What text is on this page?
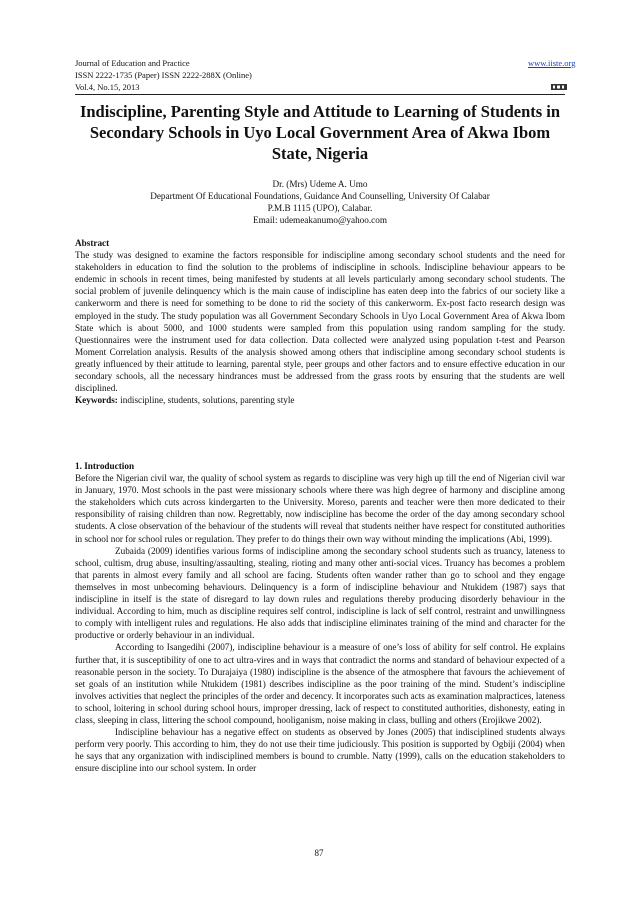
Journal of Education and Practice
ISSN 2222-1735 (Paper) ISSN 2222-288X (Online)
Vol.4, No.15, 2013
www.iiste.org
Indiscipline, Parenting Style and Attitude to Learning of Students in Secondary Schools in Uyo Local Government Area of Akwa Ibom State, Nigeria
Dr. (Mrs) Udeme A. Umo
Department Of Educational Foundations, Guidance And Counselling, University Of Calabar
P.M.B 1115 (UPO), Calabar.
Email: udemeakanumo@yahoo.com

Abstract

The study was designed to examine the factors responsible for indiscipline among secondary school students and the need for stakeholders in education to find the solution to the problems of indiscipline in schools. Indiscipline behaviour appears to be endemic in schools in recent times, being manifested by students at all levels particularly among secondary school students. The social problem of juvenile delinquency which is the main cause of indiscipline has eaten deep into the fabrics of our society like a cankerworm and there is need for something to be done to rid the society of this cankerworm. Ex-post facto research design was employed in the study. The study population was all Government Secondary Schools in Uyo Local Government Area of Akwa Ibom State which is about 5000, and 1000 students were sampled from this population using random sampling for the study. Questionnaires were the instrument used for data collection. Data collected were analyzed using population t-test and Pearson Moment Correlation analysis. Results of the analysis showed among others that indiscipline among secondary school students is greatly influenced by their attitude to learning, parental style, peer groups and other factors and to ensure effective education in our secondary schools, all the necessary hindrances must be addressed from the grass roots by ensuring that the students are well disciplined.

Keywords: indiscipline, students, solutions, parenting style

1. Introduction

Before the Nigerian civil war, the quality of school system as regards to discipline was very high up till the end of Nigerian civil war in January, 1970. Most schools in the past were missionary schools where there was high degree of harmony and discipline among the stakeholders which cuts across kindergarten to the University. Moreso, parents and teacher were then more dedicated to their responsibility of raising children than now. Regrettably, now indiscipline has become the order of the day among secondary school students. A close observation of the behaviour of the students will reveal that students neither have respect for constituted authorities in school nor for school rules or regulation. They prefer to do things their own way without minding the implications (Abi, 1999).

Zubaida (2009) identifies various forms of indiscipline among the secondary school students such as truancy, lateness to school, cultism, drug abuse, insulting/assaulting, stealing, rioting and many other anti-social vices. Truancy has becomes a problem that parents in almost every family and all school are facing. Students often wander rather than go to school and they engage themselves in most unbecoming behaviours. Delinquency is a form of indiscipline behaviour and Ntukidem (1987) says that indiscipline in itself is the state of disregard to lay down rules and regulations thereby producing disorderly behaviour in the individual. According to him, much as discipline requires self control, indiscipline is lack of self control, restraint and unwillingness to comply with intelligent rules and regulations. He also adds that indiscipline eliminates training of the mind and character for the productive or orderly behaviour in an individual.

According to Isangedihi (2007), indiscipline behaviour is a measure of one’s loss of ability for self control. He explains further that, it is susceptibility of one to act ultra-vires and in ways that contradict the norms and standard of behaviour expected of a reasonable person in the society. To Durajaiya (1980) indiscipline is the absence of the atmosphere that favours the achievement of set goals of an institution while Ntukidem (1981) describes indiscipline as the poor training of the mind. Student’s indiscipline involves activities that neglect the principles of the order and decency. It incorporates such acts as examination malpractices, lateness to school, loitering in school during school hours, improper dressing, lack of respect to constituted authorities, dishonesty, eating in class, sleeping in class, littering the school compound, hooliganism, noise making in class, bulling and others (Erojikwe 2002).

Indiscipline behaviour has a negative effect on students as observed by Jones (2005) that indisciplined students always perform very poorly. This according to him, they do not use their time judiciously. This position is supported by Ogbiji (2004) when he says that any organization with indisciplined members is bound to crumble. Natty (1999), calls on the education stakeholders to ensure discipline into our school system. In order

87
